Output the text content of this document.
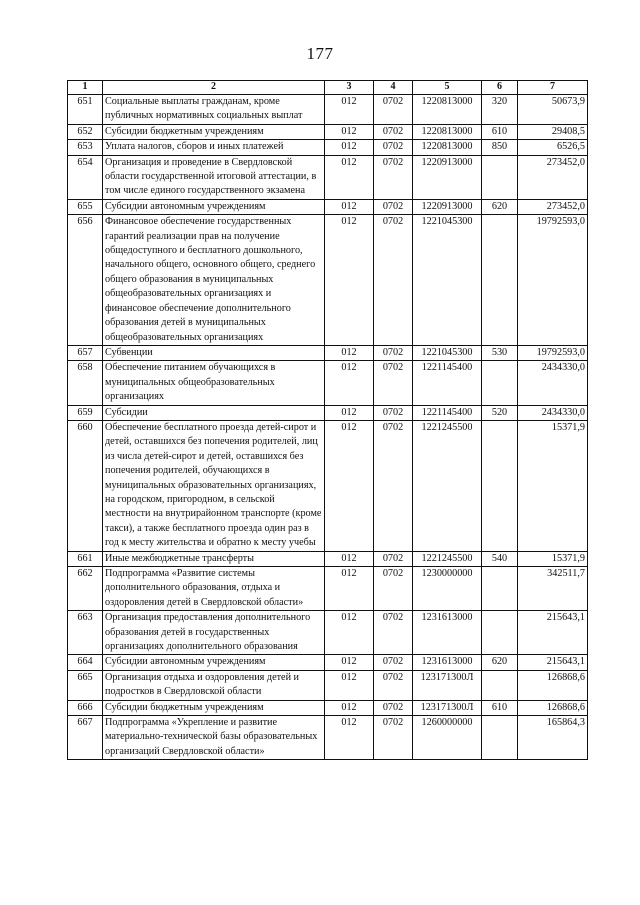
177
1	2	3	4	5	6	7
651	Социальные выплаты гражданам, кроме публичных нормативных социальных выплат	012	0702	1220813000	320	50673,9
652	Субсидии бюджетным учреждениям	012	0702	1220813000	610	29408,5
653	Уплата налогов, сборов и иных платежей	012	0702	1220813000	850	6526,5
654	Организация и проведение в Свердловской области государственной итоговой аттестации, в том числе единого государственного экзамена	012	0702	1220913000		273452,0
655	Субсидии автономным учреждениям	012	0702	1220913000	620	273452,0
656	Финансовое обеспечение государственных гарантий реализации прав на получение общедоступного и бесплатного дошкольного, начального общего, основного общего, среднего общего образования в муниципальных общеобразовательных организациях и финансовое обеспечение дополнительного образования детей в муниципальных общеобразовательных организациях	012	0702	1221045300		19792593,0
657	Субвенции	012	0702	1221045300	530	19792593,0
658	Обеспечение питанием обучающихся в муниципальных общеобразовательных организациях	012	0702	1221145400		2434330,0
659	Субсидии	012	0702	1221145400	520	2434330,0
660	Обеспечение бесплатного проезда детей-сирот и детей, оставшихся без попечения родителей, лиц из числа детей-сирот и детей, оставшихся без попечения родителей, обучающихся в муниципальных образовательных организациях, на городском, пригородном, в сельской местности на внутрирайонном транспорте (кроме такси), а также бесплатного проезда один раз в год к месту жительства и обратно к месту учебы	012	0702	1221245500		15371,9
661	Иные межбюджетные трансферты	012	0702	1221245500	540	15371,9
662	Подпрограмма «Развитие системы дополнительного образования, отдыха и оздоровления детей в Свердловской области»	012	0702	1230000000		342511,7
663	Организация предоставления дополнительного образования детей в государственных организациях дополнительного образования	012	0702	1231613000		215643,1
664	Субсидии автономным учреждениям	012	0702	1231613000	620	215643,1
665	Организация отдыха и оздоровления детей и подростков в Свердловской области	012	0702	123171300Л		126868,6
666	Субсидии бюджетным учреждениям	012	0702	123171300Л	610	126868,6
667	Подпрограмма «Укрепление и развитие материально-технической базы образовательных организаций Свердловской области»	012	0702	1260000000		165864,3
